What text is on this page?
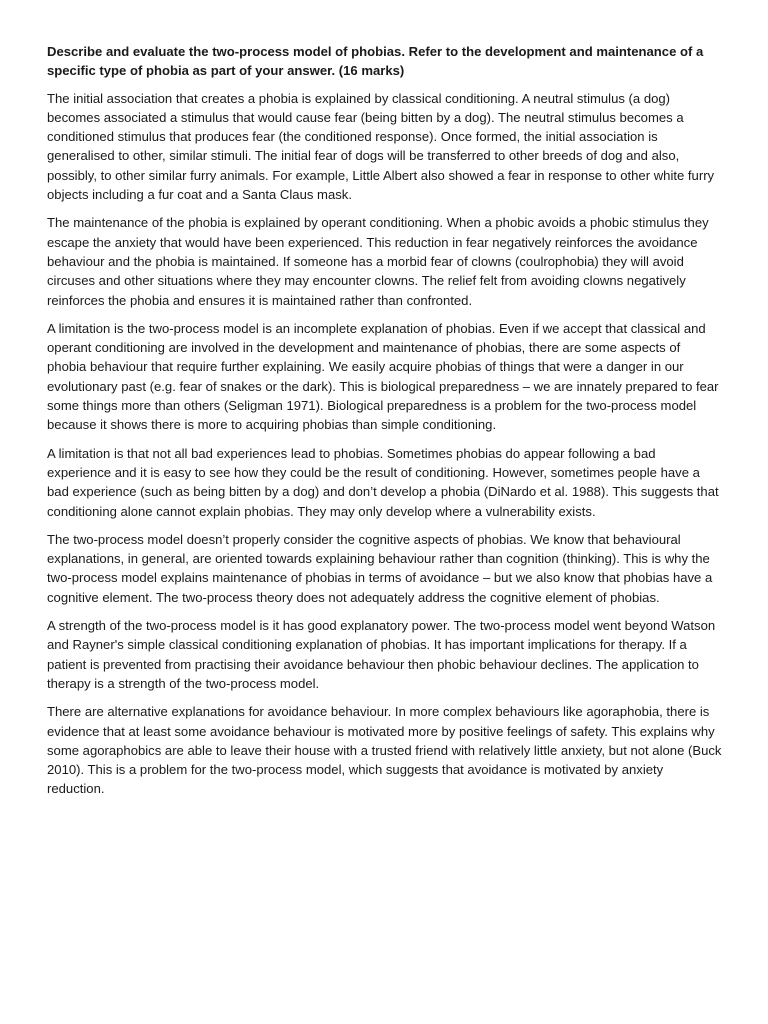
Describe and evaluate the two-process model of phobias. Refer to the development and maintenance of a specific type of phobia as part of your answer. (16 marks)

The initial association that creates a phobia is explained by classical conditioning. A neutral stimulus (a dog) becomes associated a stimulus that would cause fear (being bitten by a dog). The neutral stimulus becomes a conditioned stimulus that produces fear (the conditioned response). Once formed, the initial association is generalised to other, similar stimuli. The initial fear of dogs will be transferred to other breeds of dog and also, possibly, to other similar furry animals. For example, Little Albert also showed a fear in response to other white furry objects including a fur coat and a Santa Claus mask.

The maintenance of the phobia is explained by operant conditioning. When a phobic avoids a phobic stimulus they escape the anxiety that would have been experienced. This reduction in fear negatively reinforces the avoidance behaviour and the phobia is maintained. If someone has a morbid fear of clowns (coulrophobia) they will avoid circuses and other situations where they may encounter clowns. The relief felt from avoiding clowns negatively reinforces the phobia and ensures it is maintained rather than confronted.

A limitation is the two-process model is an incomplete explanation of phobias. Even if we accept that classical and operant conditioning are involved in the development and maintenance of phobias, there are some aspects of phobia behaviour that require further explaining. We easily acquire phobias of things that were a danger in our evolutionary past (e.g. fear of snakes or the dark). This is biological preparedness – we are innately prepared to fear some things more than others (Seligman 1971). Biological preparedness is a problem for the two-process model because it shows there is more to acquiring phobias than simple conditioning.

A limitation is that not all bad experiences lead to phobias. Sometimes phobias do appear following a bad experience and it is easy to see how they could be the result of conditioning. However, sometimes people have a bad experience (such as being bitten by a dog) and don’t develop a phobia (DiNardo et al. 1988). This suggests that conditioning alone cannot explain phobias. They may only develop where a vulnerability exists.

The two-process model doesn’t properly consider the cognitive aspects of phobias. We know that behavioural explanations, in general, are oriented towards explaining behaviour rather than cognition (thinking). This is why the two-process model explains maintenance of phobias in terms of avoidance – but we also know that phobias have a cognitive element. The two-process theory does not adequately address the cognitive element of phobias.

A strength of the two-process model is it has good explanatory power. The two-process model went beyond Watson and Rayner's simple classical conditioning explanation of phobias. It has important implications for therapy. If a patient is prevented from practising their avoidance behaviour then phobic behaviour declines. The application to therapy is a strength of the two-process model.

There are alternative explanations for avoidance behaviour. In more complex behaviours like agoraphobia, there is evidence that at least some avoidance behaviour is motivated more by positive feelings of safety. This explains why some agoraphobics are able to leave their house with a trusted friend with relatively little anxiety, but not alone (Buck 2010). This is a problem for the two-process model, which suggests that avoidance is motivated by anxiety reduction.
